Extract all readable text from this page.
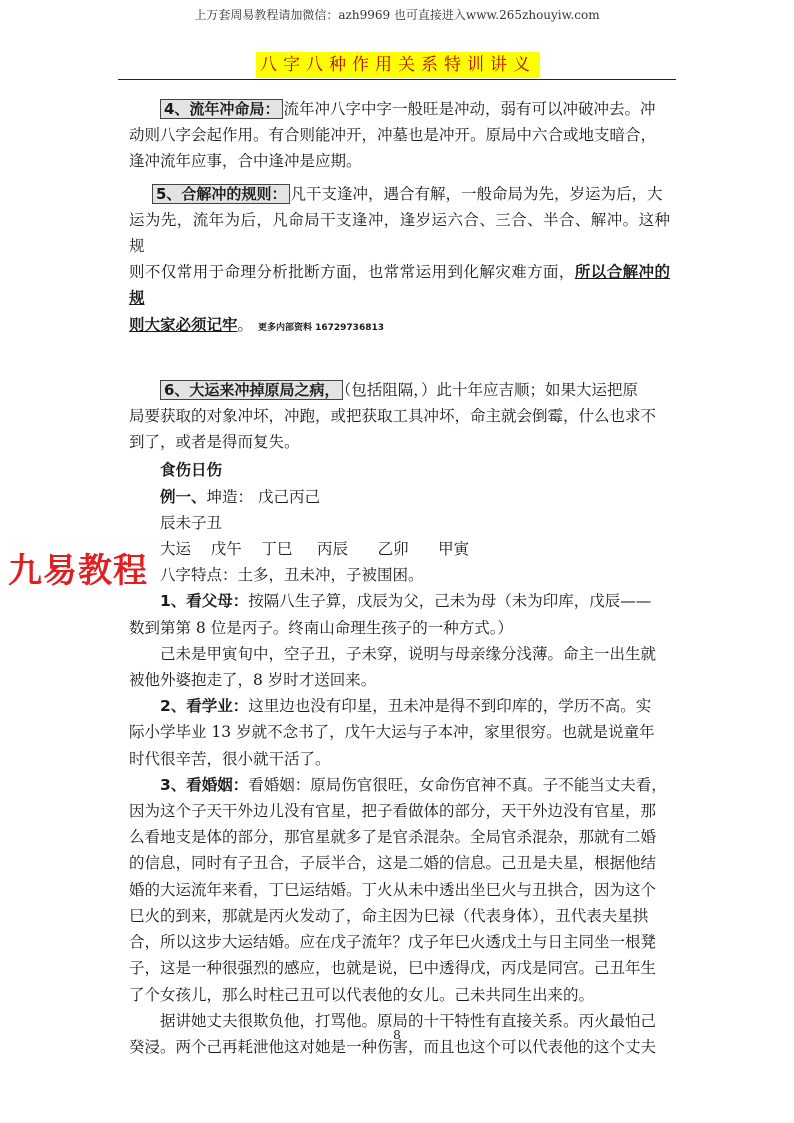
上万套周易教程请加微信：azh9969 也可直接进入www.265zhouyiw.com
八字八种作用关系特训讲义

4、流年冲命局： 流年冲八字中字一般旺是冲动，弱有可以冲破冲去。冲

动则八字会起作用。有合则能冲开，冲墓也是冲开。原局中六合或地支暗合，

逢冲流年应事，合中逢冲是应期。

5、合解冲的规则： 凡干支逢冲，遇合有解，一般命局为先，岁运为后，大

运为先，流年为后，凡命局干支逢冲，逢岁运六合、三合、半合、解冲。这种规

则不仅常用于命理分析批断方面，也常常运用到化解灾难方面，所以合解冲的规

则大家必须记牢。 更多内部资料 16729736813

6、大运来冲掉原局之病， （包括阻隔，）此十年应吉顺；如果大运把原

局要获取的对象冲坏，冲跑，或把获取工具冲坏，命主就会倒霉，什么也求不

到了，或者是得而复失。

食伤日伤

例一、坤造： 戊己丙己

辰未子丑

大运    戊午    丁巳     丙辰      乙卯      甲寅

八字特点：土多，丑未冲，子被围困。

1、看父母：按隔八生子算，戊辰为父，己未为母（未为印库，戊辰——

数到第第 8 位是丙子。终南山命理生孩子的一种方式。）

己未是甲寅旬中，空子丑，子未穿，说明与母亲缘分浅薄。命主一出生就

被他外婆抱走了，8 岁时才送回来。

2、看学业：这里边也没有印星，丑未冲是得不到印库的，学历不高。实

际小学毕业 13 岁就不念书了，戊午大运与子本冲，家里很穷。也就是说童年

时代很辛苦，很小就干活了。

3、看婚姻：看婚姻：原局伤官很旺，女命伤官神不真。子不能当丈夫看，

因为这个子天干外边儿没有官星，把子看做体的部分，天干外边没有官星，那

么看地支是体的部分，那官星就多了是官杀混杂。全局官杀混杂，那就有二婚

的信息，同时有子丑合，子辰半合，这是二婚的信息。己丑是夫星，根据他结

婚的大运流年来看，丁巳运结婚。丁火从未中透出坐巳火与丑拱合，因为这个

巳火的到来，那就是丙火发动了，命主因为巳禄（代表身体），丑代表夫星拱

合，所以这步大运结婚。应在戊子流年？戊子年巳火透戊土与日主同坐一根凳

子，这是一种很强烈的感应，也就是说，巳中透得戊，丙戊是同宫。己丑年生

了个女孩儿，那么时柱己丑可以代表他的女儿。己未共同生出来的。

据讲她丈夫很欺负他，打骂他。原局的十干特性有直接关系。丙火最怕己

癸浸。两个己再耗泄他这对她是一种伤害，而且也这个可以代表他的这个丈夫

九易教程
8
